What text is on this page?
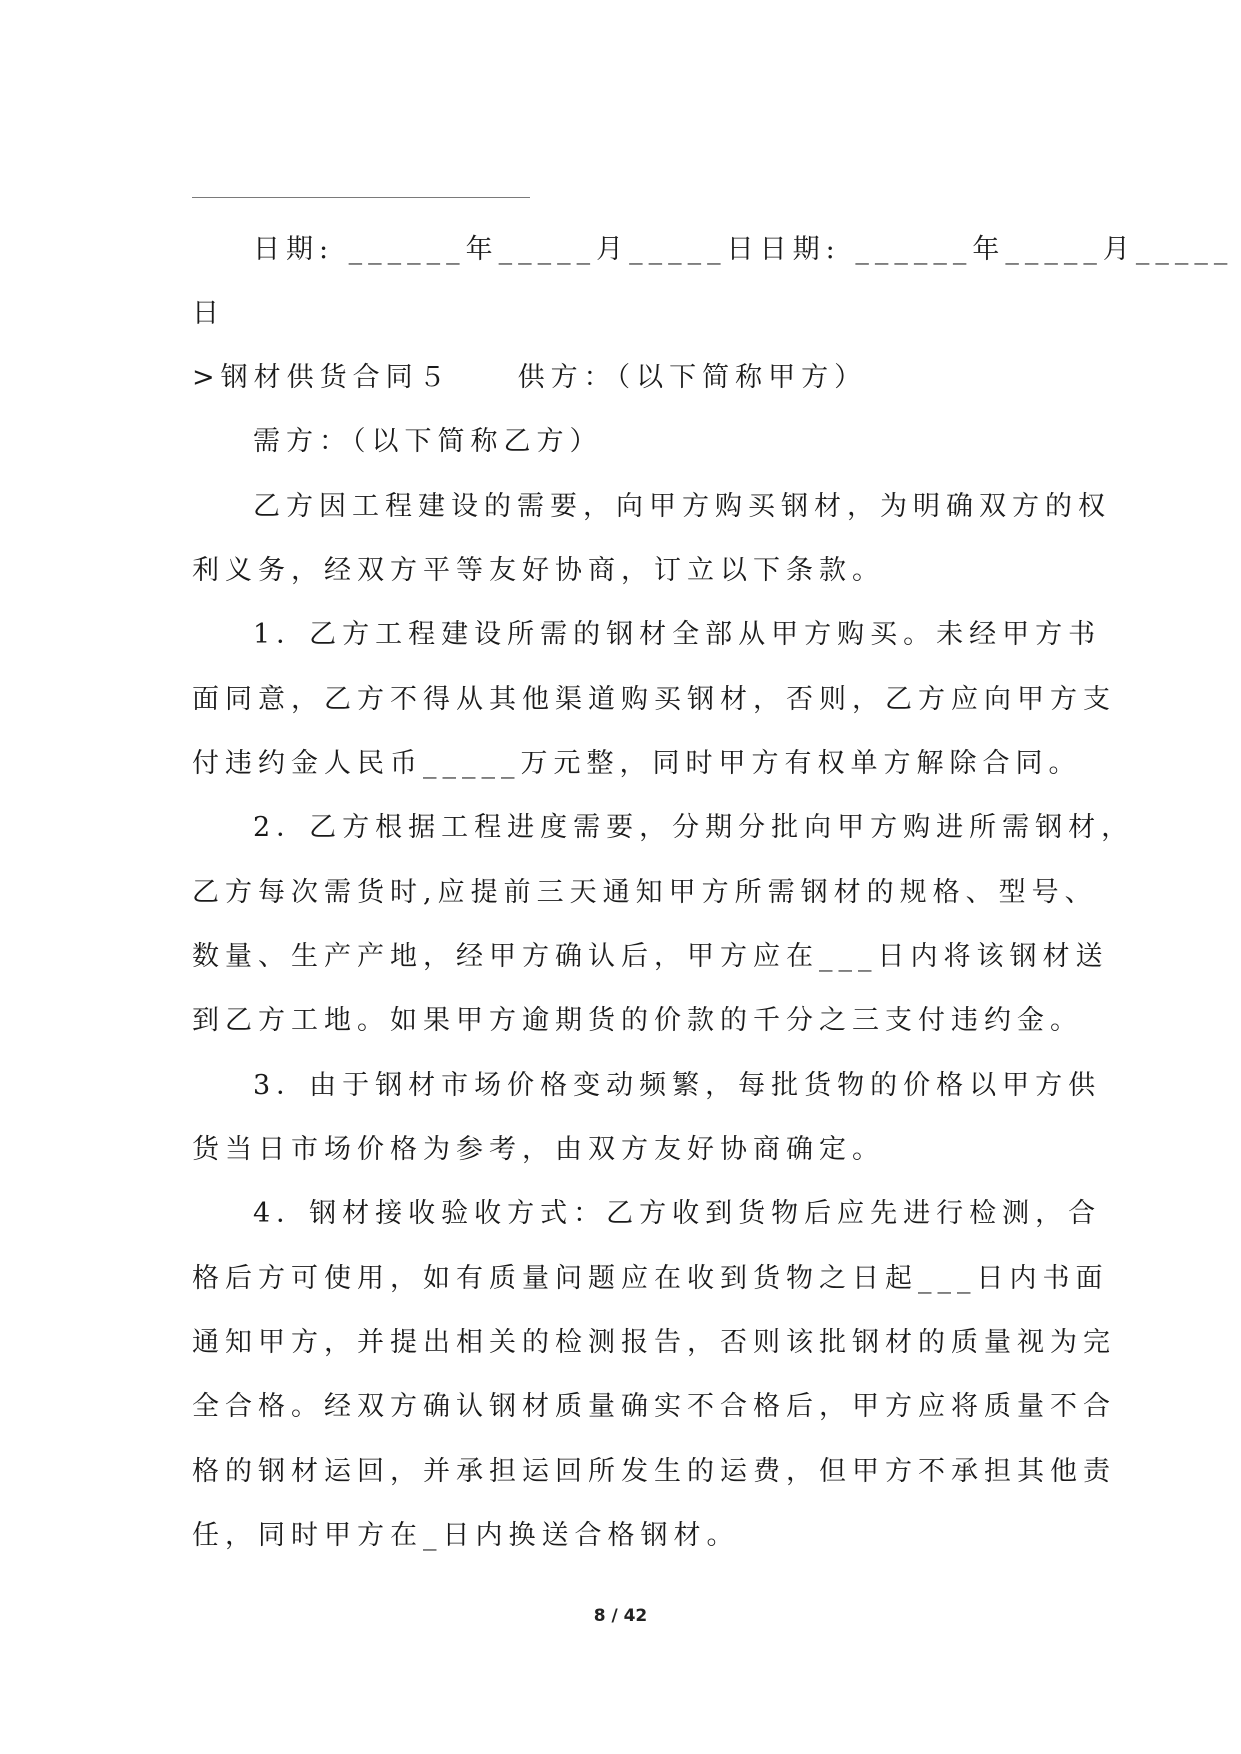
日期: ______年_____月_____日日期: ______年_____月_____
日
>钢材供货合同５　　供方：（以下简称甲方）
需方：（以下简称乙方）
乙方因工程建设的需要，向甲方购买钢材，为明确双方的权
利义务，经双方平等友好协商，订立以下条款。
1．乙方工程建设所需的钢材全部从甲方购买。未经甲方书
面同意，乙方不得从其他渠道购买钢材，否则，乙方应向甲方支
付违约金人民币_____万元整，同时甲方有权单方解除合同。
2．乙方根据工程进度需要，分期分批向甲方购进所需钢材，
乙方每次需货时,应提前三天通知甲方所需钢材的规格、型号、
数量、生产产地，经甲方确认后，甲方应在___日内将该钢材送
到乙方工地。如果甲方逾期货的价款的千分之三支付违约金。
3．由于钢材市场价格变动频繁，每批货物的价格以甲方供
货当日市场价格为参考，由双方友好协商确定。
4．钢材接收验收方式：乙方收到货物后应先进行检测，合
格后方可使用，如有质量问题应在收到货物之日起___日内书面
通知甲方，并提出相关的检测报告，否则该批钢材的质量视为完
全合格。经双方确认钢材质量确实不合格后，甲方应将质量不合
格的钢材运回，并承担运回所发生的运费，但甲方不承担其他责
任，同时甲方在_日内换送合格钢材。
8 / 42
